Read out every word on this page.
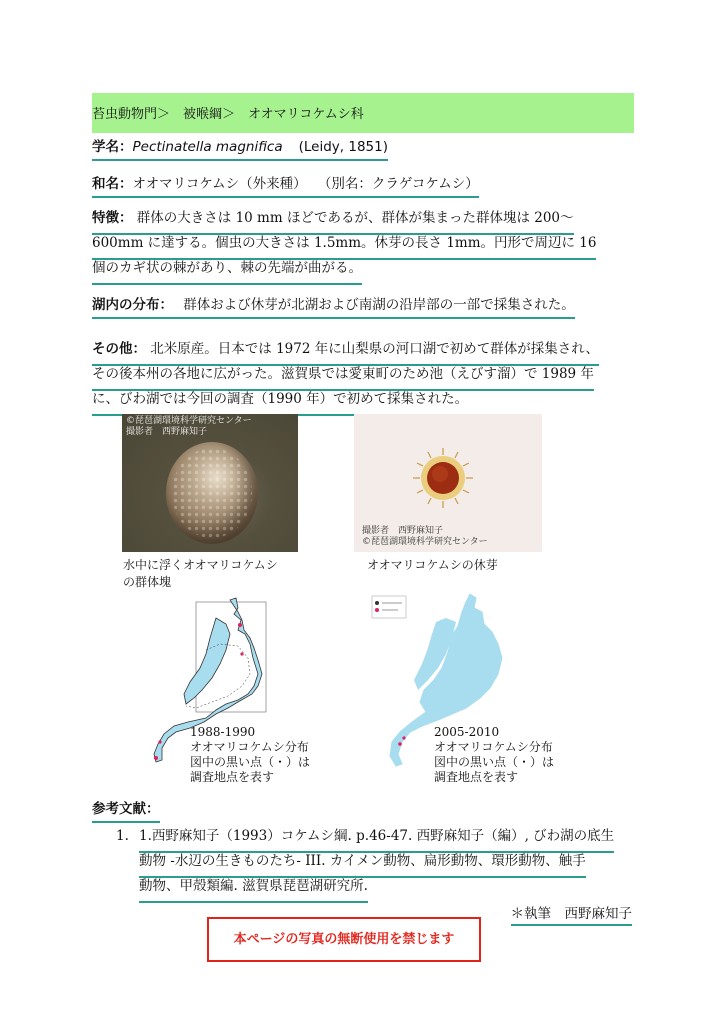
苔虫動物門＞　被喉綱＞　オオマリコケムシ科
学名：Pectinatella magnifica (Leidy, 1851)
和名：オオマリコケムシ（外来種） （別名：クラゲコケムシ）
特徴： 群体の大きさは 10 mm ほどであるが、群体が集まった群体塊は 200〜
600mm に達する。個虫の大きさは 1.5mm。休芽の長さ 1mm。円形で周辺に 16
個のカギ状の棘があり、棘の先端が曲がる。
湖内の分布： 群体および休芽が北湖および南湖の沿岸部の一部で採集された。
その他： 北米原産。日本では 1972 年に山梨県の河口湖で初めて群体が採集され、
その後本州の各地に広がった。滋賀県では愛東町のため池（えびす溜）で 1989 年
に、びわ湖では今回の調査（1990 年）で初めて採集された。
©琵琶湖環境科学研究センター
撮影者　西野麻知子
水中に浮くオオマリコケムシ
の群体塊
撮影者　西野麻知子
©琵琶湖環境科学研究センター
オオマリコケムシの休芽
1988-1990
オオマリコケムシ分布
図中の黒い点（・）は
調査地点を表す
2005-2010
オオマリコケムシ分布
図中の黒い点（・）は
調査地点を表す
参考文献：
1. 1.西野麻知子（1993）コケムシ綱. p.46-47. 西野麻知子（編）, びわ湖の底生
動物 -水辺の生きものたち- III. カイメン動物、扁形動物、環形動物、触手
動物、甲殻類編. 滋賀県琵琶湖研究所.
＊執筆　西野麻知子
本ページの写真の無断使用を禁じます
